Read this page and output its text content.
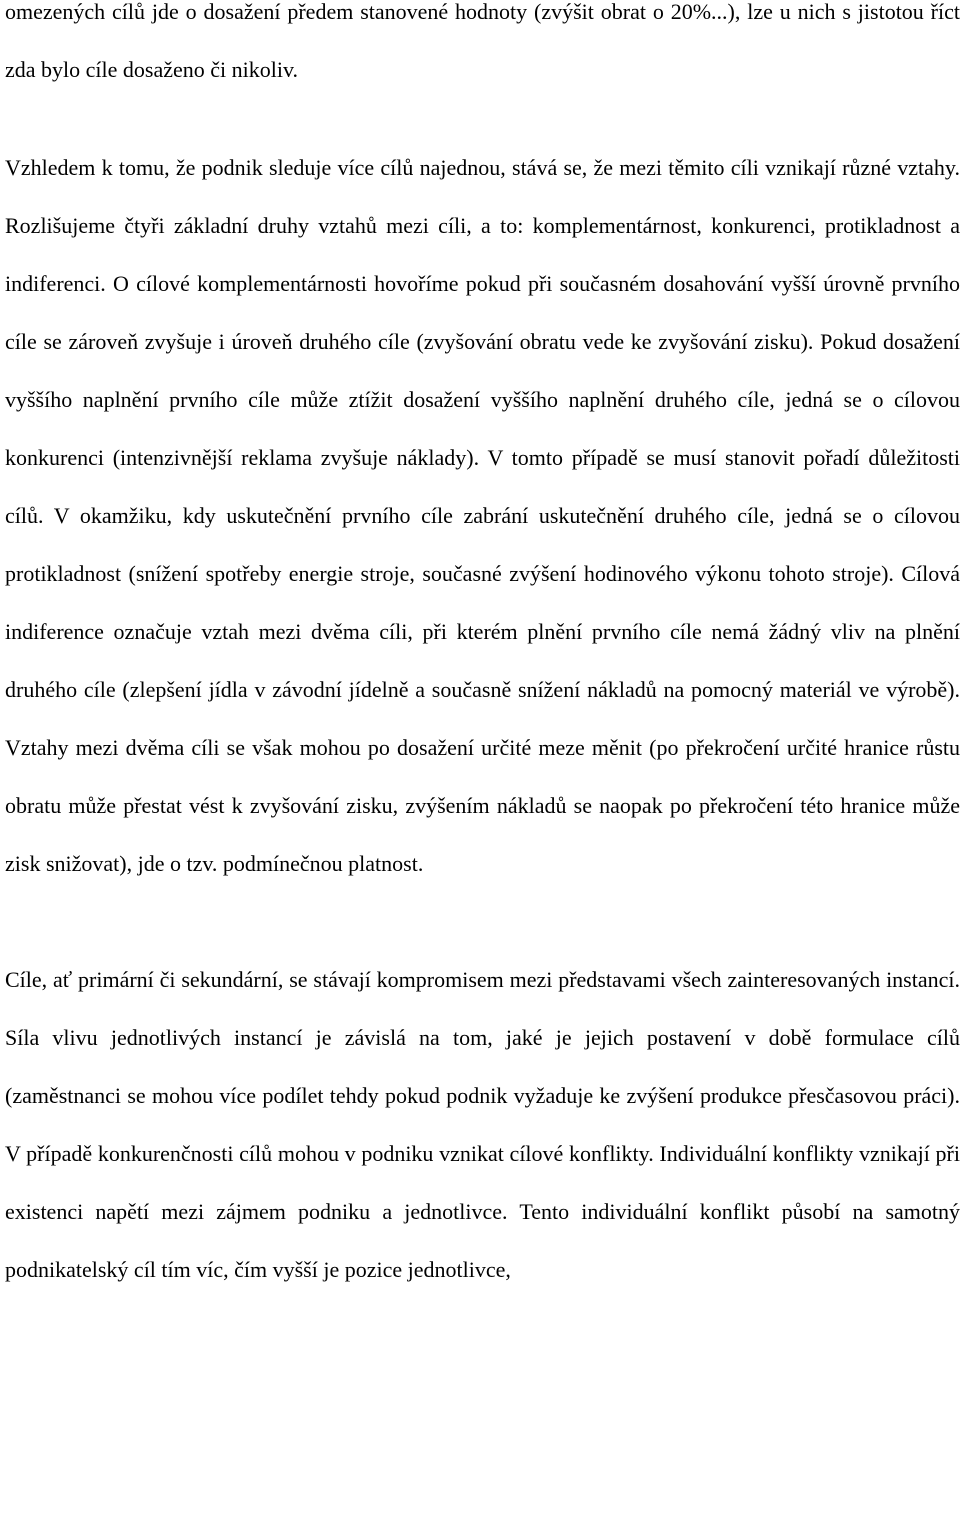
omezených cílů jde o dosažení předem stanovené hodnoty (zvýšit obrat o 20%...), lze u nich s jistotou říct zda bylo cíle dosaženo či nikoliv.

Vzhledem k tomu, že podnik sleduje více cílů najednou, stává se, že mezi těmito cíli vznikají různé vztahy. Rozlišujeme čtyři základní druhy vztahů mezi cíli, a to: komplementárnost, konkurenci, protikladnost a indiferenci. O cílové komplementárnosti hovoříme pokud při současném dosahování vyšší úrovně prvního cíle se zároveň zvyšuje i úroveň druhého cíle (zvyšování obratu vede ke zvyšování zisku). Pokud dosažení vyššího naplnění prvního cíle může ztížit dosažení vyššího naplnění druhého cíle, jedná se o cílovou konkurenci (intenzivnější reklama zvyšuje náklady). V tomto případě se musí stanovit pořadí důležitosti cílů. V okamžiku, kdy uskutečnění prvního cíle zabrání uskutečnění druhého cíle, jedná se o cílovou protikladnost (snížení spotřeby energie stroje, současné zvýšení hodinového výkonu tohoto stroje). Cílová indiference označuje vztah mezi dvěma cíli, při kterém plnění prvního cíle nemá žádný vliv na plnění druhého cíle (zlepšení jídla v závodní jídelně a současně snížení nákladů na pomocný materiál ve výrobě). Vztahy mezi dvěma cíli se však mohou po dosažení určité meze měnit (po překročení určité hranice růstu obratu může přestat vést k zvyšování zisku, zvýšením nákladů se naopak po překročení této hranice může zisk snižovat), jde o tzv. podmínečnou platnost.

Cíle, ať primární či sekundární, se stávají kompromisem mezi představami všech zainteresovaných instancí. Síla vlivu jednotlivých instancí je závislá na tom, jaké je jejich postavení v době formulace cílů (zaměstnanci se mohou více podílet tehdy pokud podnik vyžaduje ke zvýšení produkce přesčasovou práci). V případě konkurenčnosti cílů mohou v podniku vznikat cílové konflikty. Individuální konflikty vznikají při existenci napětí mezi zájmem podniku a jednotlivce. Tento individuální konflikt působí na samotný podnikatelský cíl tím víc, čím vyšší je pozice jednotlivce,
